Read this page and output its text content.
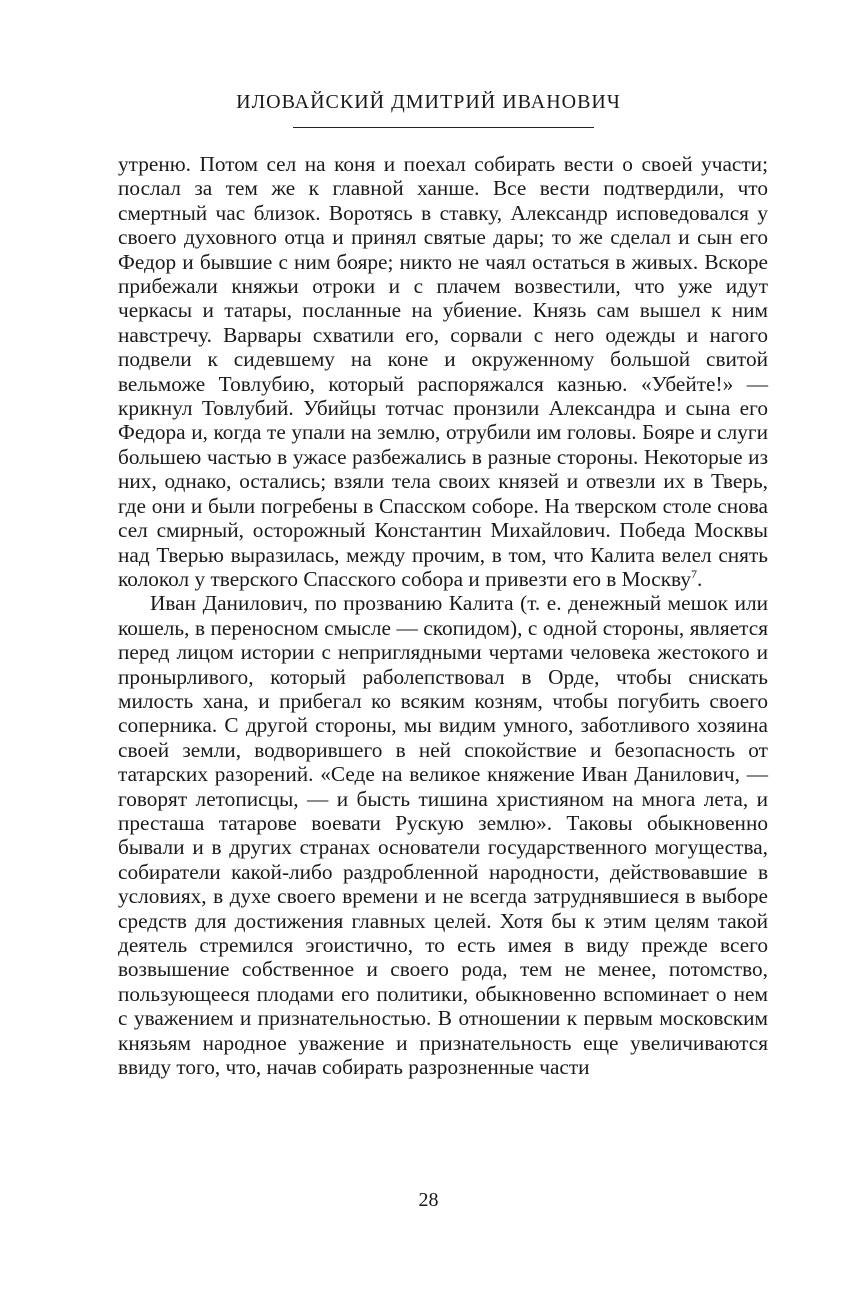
ИЛОВАЙСКИЙ ДМИТРИЙ ИВАНОВИЧ

утреню. Потом сел на коня и поехал собирать вести о своей участи; послал за тем же к главной ханше. Все вести подтвердили, что смертный час близок. Воротясь в ставку, Александр исповедовался у своего духовного отца и принял святые дары; то же сделал и сын его Федор и бывшие с ним бояре; никто не чаял остаться в живых. Вскоре прибежали княжьи отроки и с плачем возвестили, что уже идут черкасы и татары, посланные на убиение. Князь сам вышел к ним навстречу. Варвары схватили его, сорвали с него одежды и нагого подвели к сидевшему на коне и окруженному большой свитой вельможе Товлубию, который распоряжался казнью. «Убейте!» — крикнул Товлубий. Убийцы тотчас пронзили Александра и сына его Федора и, когда те упали на землю, отрубили им головы. Бояре и слуги большею частью в ужасе разбежались в разные стороны. Некоторые из них, однако, остались; взяли тела своих князей и отвезли их в Тверь, где они и были погребены в Спасском соборе. На тверском столе снова сел смирный, осторожный Константин Михайлович. Победа Москвы над Тверью выразилась, между прочим, в том, что Калита велел снять колокол у тверского Спасского собора и привезти его в Москву$^7$.

Иван Данилович, по прозванию Калита (т. е. денежный мешок или кошель, в переносном смысле — скопидом), с одной стороны, является перед лицом истории с неприглядными чертами человека жестокого и пронырливого, который раболепствовал в Орде, чтобы снискать милость хана, и прибегал ко всяким козням, чтобы погубить своего соперника. С другой стороны, мы видим умного, заботливого хозяина своей земли, водворившего в ней спокойствие и безопасность от татарских разорений. «Седе на великое княжение Иван Данилович, — говорят летописцы, — и бысть тишина християном на многа лета, и престаша татарове воевати Рускую землю». Таковы обыкновенно бывали и в других странах основатели государственного могущества, собиратели какой-либо раздробленной народности, действовавшие в условиях, в духе своего времени и не всегда затруднявшиеся в выборе средств для достижения главных целей. Хотя бы к этим целям такой деятель стремился эгоистично, то есть имея в виду прежде всего возвышение собственное и своего рода, тем не менее, потомство, пользующееся плодами его политики, обыкновенно вспоминает о нем с уважением и признательностью. В отношении к первым московским князьям народное уважение и признательность еще увеличиваются ввиду того, что, начав собирать разрозненные части

28
